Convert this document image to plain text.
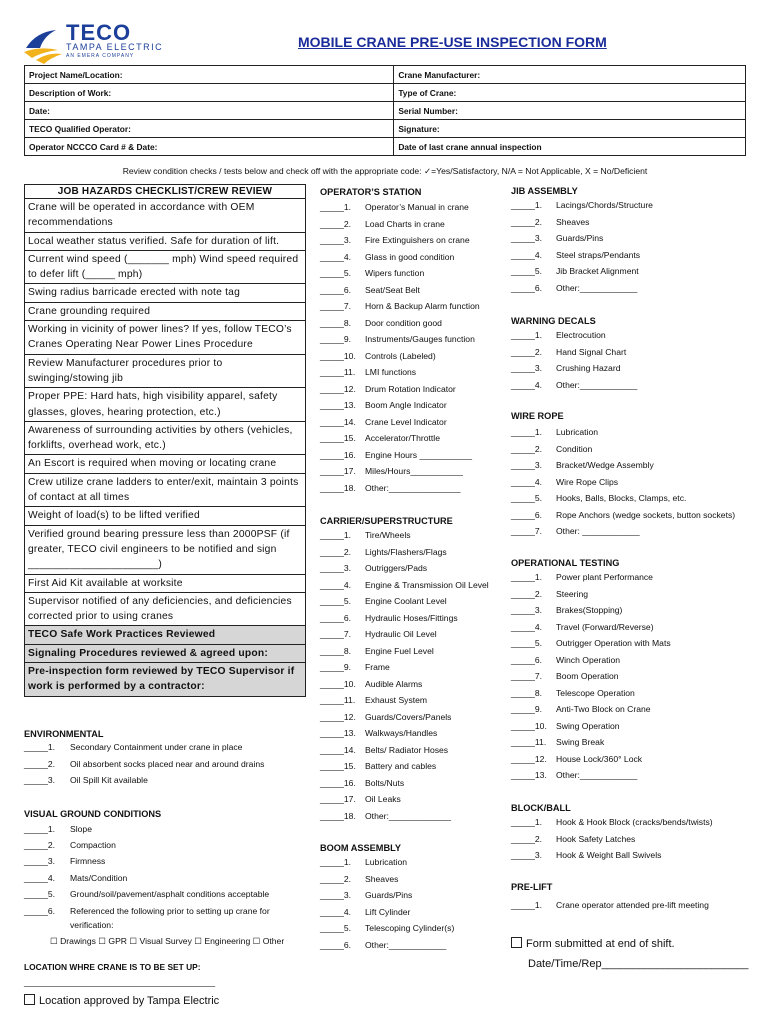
TECO
TAMPA ELECTRIC
AN EMERA COMPANY
MOBILE CRANE PRE-USE INSPECTION FORM
Project Name/Location:	Crane Manufacturer:
Description of Work:	Type of Crane:
Date:	Serial Number:
TECO Qualified Operator:	Signature:
Operator NCCCO Card # & Date:	Date of last crane annual inspection
Review condition checks / tests below and check off with the appropriate code: ✓=Yes/Satisfactory, N/A = Not Applicable, X = No/Deficient
JOB HAZARDS CHECKLIST/CREW REVIEW
Crane will be operated in accordance with OEM recommendations
Local weather status verified. Safe for duration of lift.
Current wind speed (_______ mph) Wind speed required to defer lift (_____ mph)
Swing radius barricade erected with note tag
Crane grounding required
Working in vicinity of power lines? If yes, follow TECO’s Cranes Operating Near Power Lines Procedure
Review Manufacturer procedures prior to swinging/stowing jib
Proper PPE: Hard hats, high visibility apparel, safety glasses, gloves, hearing protection, etc.)
Awareness of surrounding activities by others (vehicles, forklifts, overhead work, etc.)
An Escort is required when moving or locating crane
Crew utilize crane ladders to enter/exit, maintain 3 points of contact at all times
Weight of load(s) to be lifted verified
Verified ground bearing pressure less than 2000PSF (if greater, TECO civil engineers to be notified and sign ______________________)
First Aid Kit available at worksite
Supervisor notified of any deficiencies, and deficiencies corrected prior to using cranes
TECO Safe Work Practices Reviewed
Signaling Procedures reviewed & agreed upon:
Pre-inspection form reviewed by TECO Supervisor if work is performed by a contractor:
ENVIRONMENTAL
_____1. Secondary Containment under crane in place
_____2. Oil absorbent socks placed near and around drains
_____3. Oil Spill Kit available
VISUAL GROUND CONDITIONS
_____1. Slope
_____2. Compaction
_____3. Firmness
_____4. Mats/Condition
_____5. Ground/soil/pavement/asphalt conditions acceptable
_____6. Referenced the following prior to setting up crane for
verification:
OPERATOR’S STATION
_____1. Operator’s Manual in crane
_____2. Load Charts in crane
_____3. Fire Extinguishers on crane
_____4. Glass in good condition
_____5. Wipers function
_____6. Seat/Seat Belt
_____7. Horn & Backup Alarm function
_____8. Door condition good
_____9. Instruments/Gauges function
_____10. Controls (Labeled)
_____11. LMI functions
_____12. Drum Rotation Indicator
_____13. Boom Angle Indicator
_____14. Crane Level Indicator
_____15. Accelerator/Throttle
_____16. Engine Hours ___________
_____17. Miles/Hours___________
_____18. Other:_______________
CARRIER/SUPERSTRUCTURE
_____1. Tire/Wheels
_____2. Lights/Flashers/Flags
_____3. Outriggers/Pads
_____4. Engine & Transmission Oil Level
_____5. Engine Coolant Level
_____6. Hydraulic Hoses/Fittings
_____7. Hydraulic Oil Level
_____8. Engine Fuel Level
_____9. Frame
_____10. Audible Alarms
_____11. Exhaust System
_____12. Guards/Covers/Panels
_____13. Walkways/Handles
_____14. Belts/ Radiator Hoses
_____15. Battery and cables
_____16. Bolts/Nuts
_____17. Oil Leaks
_____18. Other:_____________
BOOM ASSEMBLY
_____1. Lubrication
_____2. Sheaves
_____3. Guards/Pins
_____4. Lift Cylinder
_____5. Telescoping Cylinder(s)
_____6. Other:____________
JIB ASSEMBLY
_____1. Lacings/Chords/Structure
_____2. Sheaves
_____3. Guards/Pins
_____4. Steel straps/Pendants
_____5. Jib Bracket Alignment
_____6. Other:____________
WARNING DECALS
_____1. Electrocution
_____2. Hand Signal Chart
_____3. Crushing Hazard
_____4. Other:____________
WIRE ROPE
_____1. Lubrication
_____2. Condition
_____3. Bracket/Wedge Assembly
_____4. Wire Rope Clips
_____5. Hooks, Balls, Blocks, Clamps, etc.
_____6. Rope Anchors (wedge sockets, button sockets)
_____7. Other: ____________
OPERATIONAL TESTING
_____1. Power plant Performance
_____2. Steering
_____3. Brakes(Stopping)
_____4. Travel (Forward/Reverse)
_____5. Outrigger Operation with Mats
_____6. Winch Operation
_____7. Boom Operation
_____8. Telescope Operation
_____9. Anti-Two Block on Crane
_____10. Swing Operation
_____11. Swing Break
_____12. House Lock/360° Lock
_____13. Other:____________
BLOCK/BALL
_____1. Hook & Hook Block (cracks/bends/twists)
_____2. Hook Safety Latches
_____3. Hook & Weight Ball Swivels
PRE-LIFT
_____1. Crane operator attended pre-lift meeting
☐ Drawings ☐ GPR ☐ Visual Survey ☐ Engineering ☐ Other
Location approved by Tampa Electric
LOCATION WHRE CRANE IS TO BE SET UP:
________________________________________
Form submitted at end of shift.
Date/Time/Rep________________________
